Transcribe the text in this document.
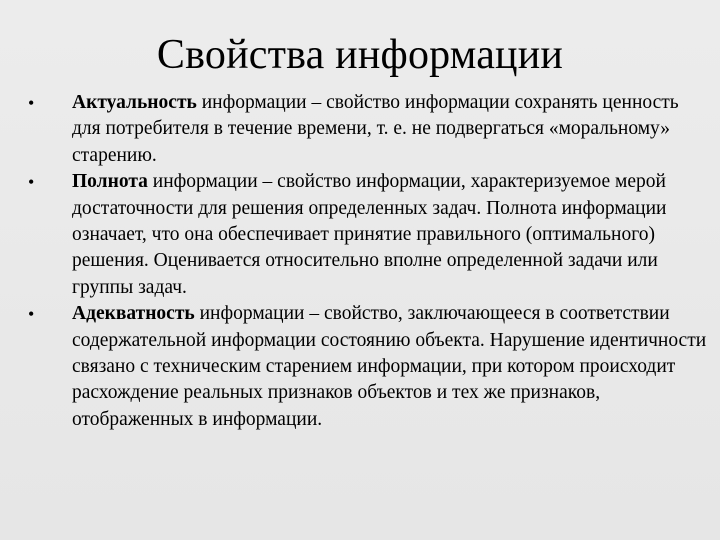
Свойства информации
• Актуальность информации – свойство информации сохранять ценность для потребителя в течение времени, т. е. не подвергаться «моральному» старению.
• Полнота информации – свойство информации, характеризуемое мерой достаточности для решения определенных задач. Полнота информации означает, что она обеспечивает принятие правильного (оптимального) решения. Оценивается относительно вполне определенной задачи или группы задач.
• Адекватность информации – свойство, заключающееся в соответствии содержательной информации состоянию объекта. Нарушение идентичности связано с техническим старением информации, при котором происходит расхождение реальных признаков объектов и тех же признаков, отображенных в информации.
